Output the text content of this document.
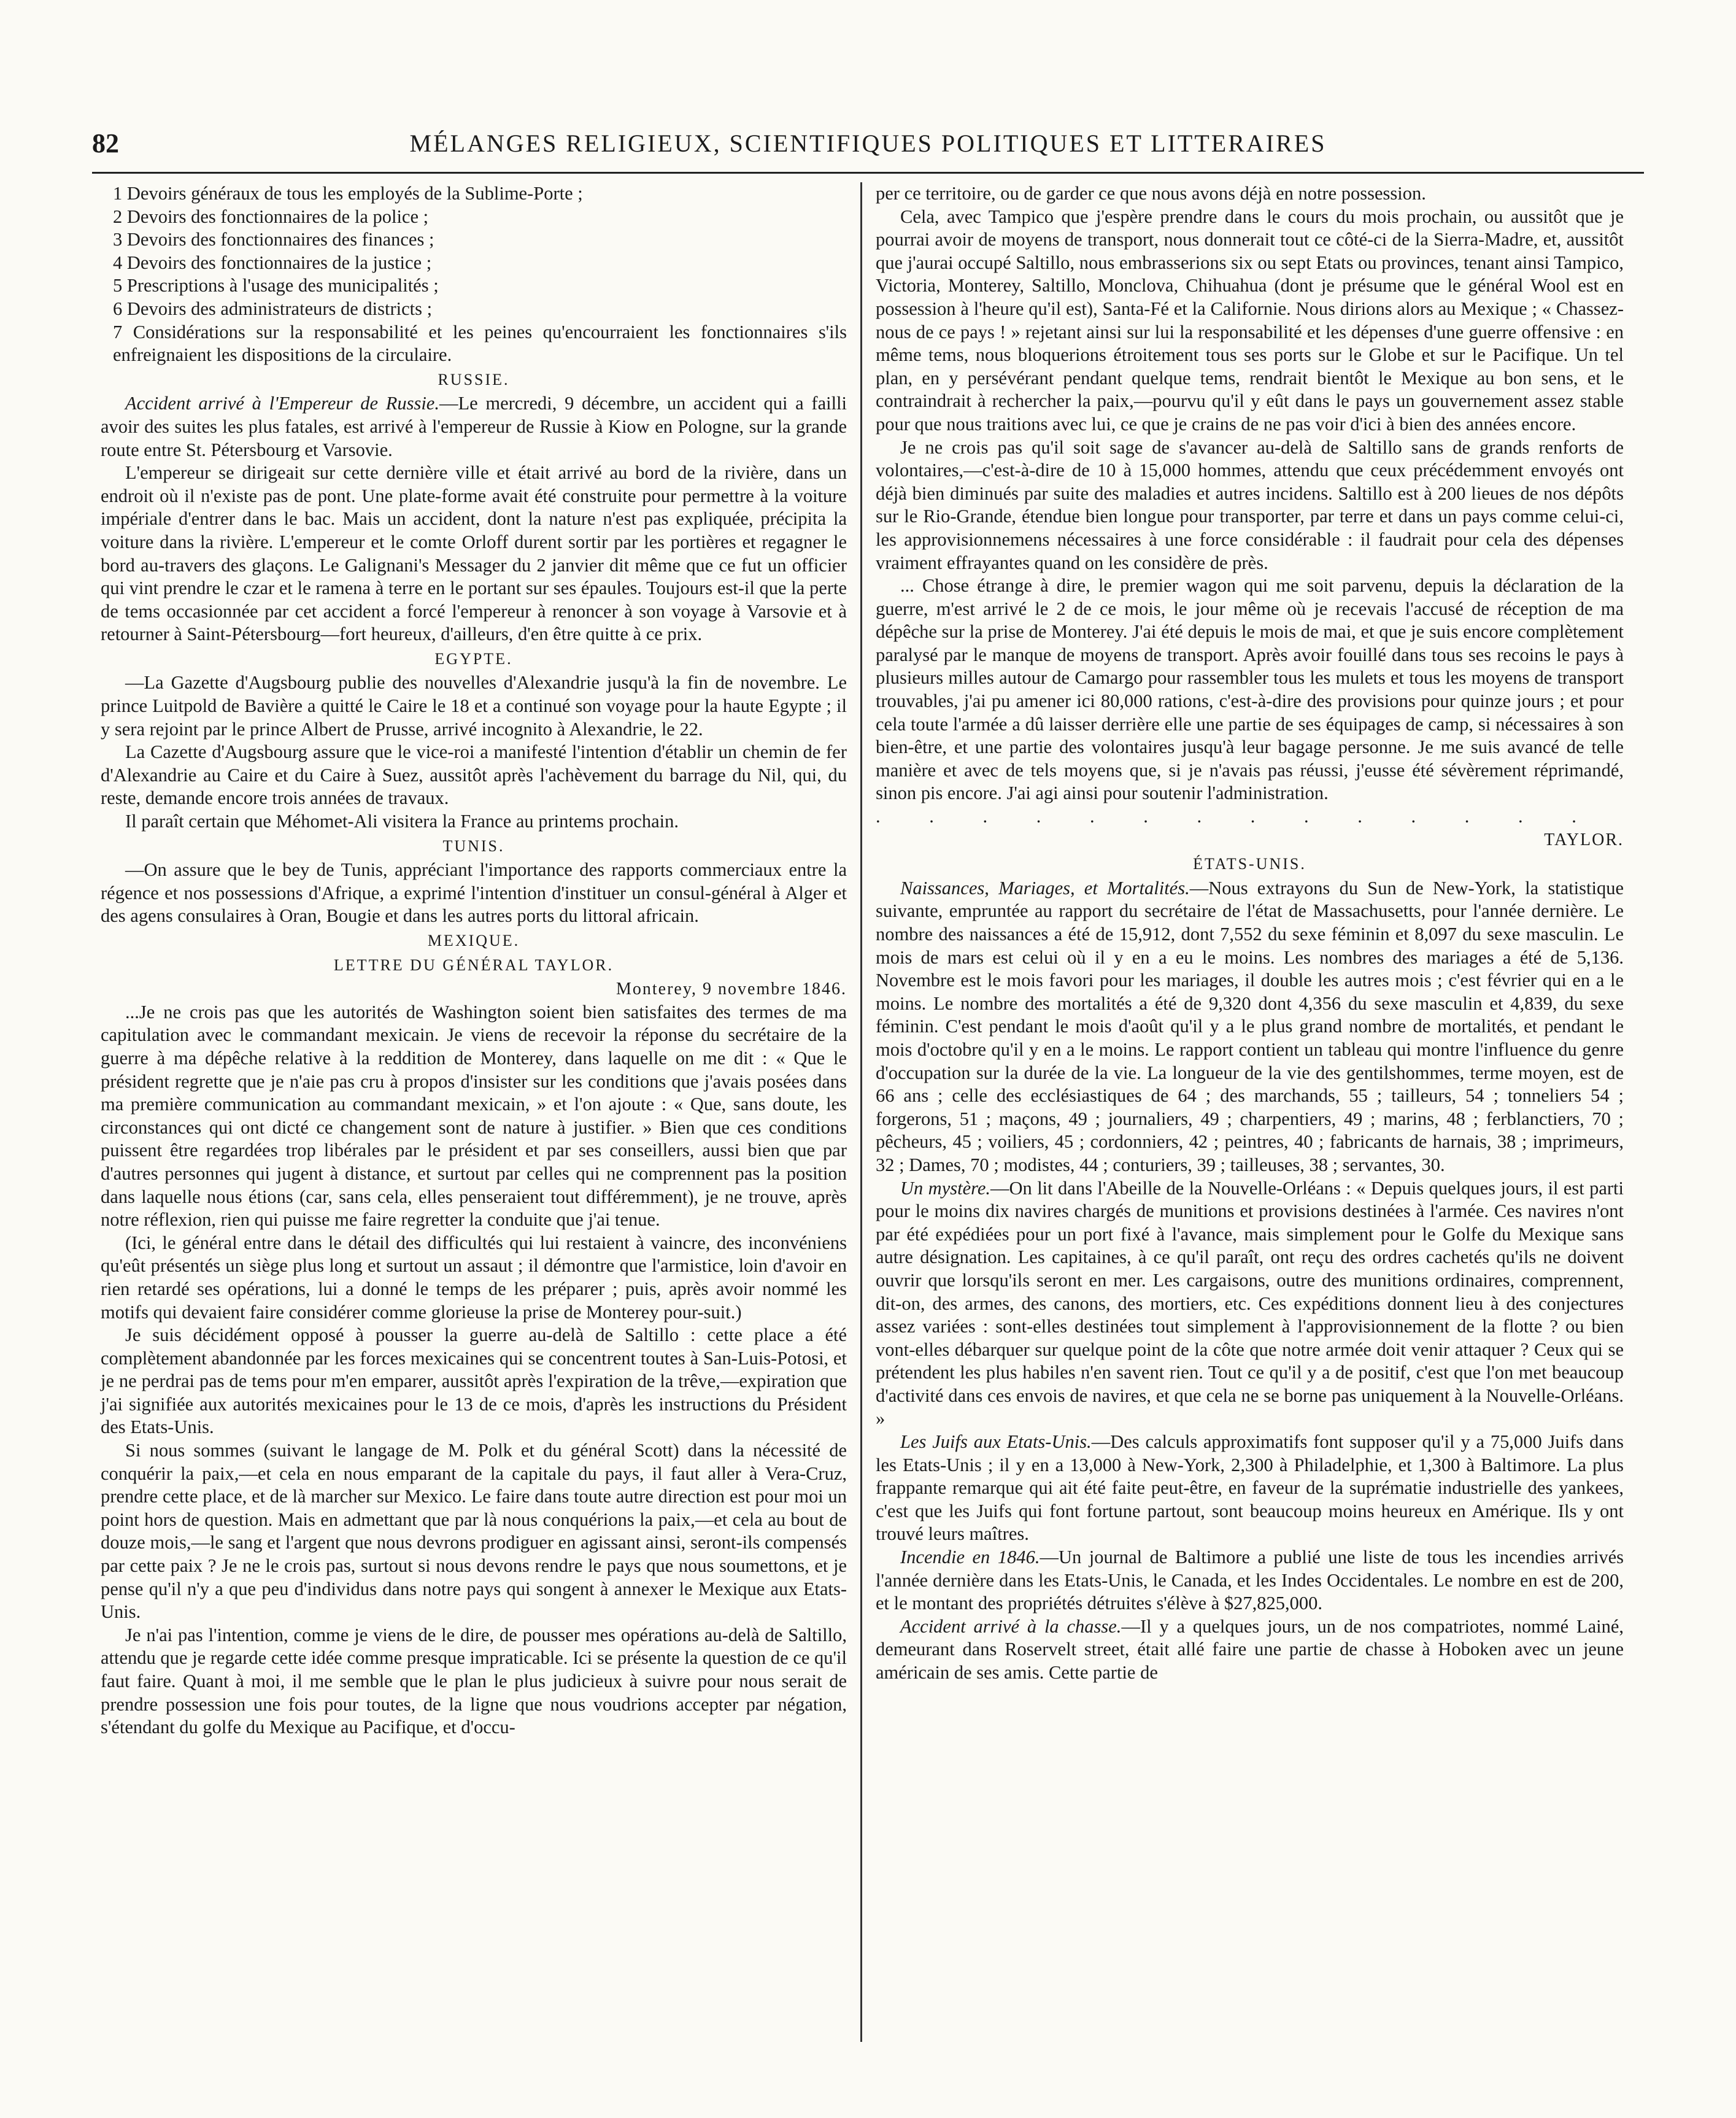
82	MÉLANGES RELIGIEUX, SCIENTIFIQUES POLITIQUES ET LITTERAIRES

1 Devoirs généraux de tous les employés de la Sublime-Porte ;

2 Devoirs des fonctionnaires de la police ;

3 Devoirs des fonctionnaires des finances ;

4 Devoirs des fonctionnaires de la justice ;

5 Prescriptions à l'usage des municipalités ;

6 Devoirs des administrateurs de districts ;

7 Considérations sur la responsabilité et les peines qu'encourraient les fonctionnaires s'ils enfreignaient les dispositions de la circulaire.

RUSSIE.

Accident arrivé à l'Empereur de Russie.—Le mercredi, 9 décembre, un accident qui a failli avoir des suites les plus fatales, est arrivé à l'empereur de Russie à Kiow en Pologne, sur la grande route entre St. Pétersbourg et Varsovie.

L'empereur se dirigeait sur cette dernière ville et était arrivé au bord de la rivière, dans un endroit où il n'existe pas de pont. Une plate-forme avait été construite pour permettre à la voiture impériale d'entrer dans le bac. Mais un accident, dont la nature n'est pas expliquée, précipita la voiture dans la rivière. L'empereur et le comte Orloff durent sortir par les portières et regagner le bord au-travers des glaçons. Le Galignani's Messager du 2 janvier dit même que ce fut un officier qui vint prendre le czar et le ramena à terre en le portant sur ses épaules. Toujours est-il que la perte de tems occasionnée par cet accident a forcé l'empereur à renoncer à son voyage à Varsovie et à retourner à Saint-Pétersbourg—fort heureux, d'ailleurs, d'en être quitte à ce prix.

EGYPTE.

—La Gazette d'Augsbourg publie des nouvelles d'Alexandrie jusqu'à la fin de novembre. Le prince Luitpold de Bavière a quitté le Caire le 18 et a continué son voyage pour la haute Egypte ; il y sera rejoint par le prince Albert de Prusse, arrivé incognito à Alexandrie, le 22.

La Cazette d'Augsbourg assure que le vice-roi a manifesté l'intention d'établir un chemin de fer d'Alexandrie au Caire et du Caire à Suez, aussitôt après l'achèvement du barrage du Nil, qui, du reste, demande encore trois années de travaux.

Il paraît certain que Méhomet-Ali visitera la France au printems prochain.

TUNIS.

—On assure que le bey de Tunis, appréciant l'importance des rapports commerciaux entre la régence et nos possessions d'Afrique, a exprimé l'intention d'instituer un consul-général à Alger et des agens consulaires à Oran, Bougie et dans les autres ports du littoral africain.

MEXIQUE.
LETTRE DU GÉNÉRAL TAYLOR.

Monterey, 9 novembre 1846.

...Je ne crois pas que les autorités de Washington soient bien satisfaites des termes de ma capitulation avec le commandant mexicain. Je viens de recevoir la réponse du secrétaire de la guerre à ma dépêche relative à la reddition de Monterey, dans laquelle on me dit : « Que le président regrette que je n'aie pas cru à propos d'insister sur les conditions que j'avais posées dans ma première communication au commandant mexicain, » et l'on ajoute : « Que, sans doute, les circonstances qui ont dicté ce changement sont de nature à justifier. » Bien que ces conditions puissent être regardées trop libérales par le président et par ses conseillers, aussi bien que par d'autres personnes qui jugent à distance, et surtout par celles qui ne comprennent pas la position dans laquelle nous étions (car, sans cela, elles penseraient tout différemment), je ne trouve, après notre réflexion, rien qui puisse me faire regretter la conduite que j'ai tenue.

(Ici, le général entre dans le détail des difficultés qui lui restaient à vaincre, des inconvéniens qu'eût présentés un siège plus long et surtout un assaut ; il démontre que l'armistice, loin d'avoir en rien retardé ses opérations, lui a donné le temps de les préparer ; puis, après avoir nommé les motifs qui devaient faire considérer comme glorieuse la prise de Monterey pour-suit.)

Je suis décidément opposé à pousser la guerre au-delà de Saltillo : cette place a été complètement abandonnée par les forces mexicaines qui se concentrent toutes à San-Luis-Potosi, et je ne perdrai pas de tems pour m'en emparer, aussitôt après l'expiration de la trêve,—expiration que j'ai signifiée aux autorités mexicaines pour le 13 de ce mois, d'après les instructions du Président des Etats-Unis.

Si nous sommes (suivant le langage de M. Polk et du général Scott) dans la nécessité de conquérir la paix,—et cela en nous emparant de la capitale du pays, il faut aller à Vera-Cruz, prendre cette place, et de là marcher sur Mexico. Le faire dans toute autre direction est pour moi un point hors de question. Mais en admettant que par là nous conquérions la paix,—et cela au bout de douze mois,—le sang et l'argent que nous devrons prodiguer en agissant ainsi, seront-ils compensés par cette paix ? Je ne le crois pas, surtout si nous devons rendre le pays que nous soumettons, et je pense qu'il n'y a que peu d'individus dans notre pays qui songent à annexer le Mexique aux Etats-Unis.

Je n'ai pas l'intention, comme je viens de le dire, de pousser mes opérations au-delà de Saltillo, attendu que je regarde cette idée comme presque impraticable. Ici se présente la question de ce qu'il faut faire. Quant à moi, il me semble que le plan le plus judicieux à suivre pour nous serait de prendre possession une fois pour toutes, de la ligne que nous voudrions accepter par négation, s'étendant du golfe du Mexique au Pacifique, et d'occu-

per ce territoire, ou de garder ce que nous avons déjà en notre possession.

Cela, avec Tampico que j'espère prendre dans le cours du mois prochain, ou aussitôt que je pourrai avoir de moyens de transport, nous donnerait tout ce côté-ci de la Sierra-Madre, et, aussitôt que j'aurai occupé Saltillo, nous embrasserions six ou sept Etats ou provinces, tenant ainsi Tampico, Victoria, Monterey, Saltillo, Monclova, Chihuahua (dont je présume que le général Wool est en possession à l'heure qu'il est), Santa-Fé et la Californie. Nous dirions alors au Mexique ; « Chassez-nous de ce pays ! » rejetant ainsi sur lui la responsabilité et les dépenses d'une guerre offensive : en même tems, nous bloquerions étroitement tous ses ports sur le Globe et sur le Pacifique. Un tel plan, en y persévérant pendant quelque tems, rendrait bientôt le Mexique au bon sens, et le contraindrait à rechercher la paix,—pourvu qu'il y eût dans le pays un gouvernement assez stable pour que nous traitions avec lui, ce que je crains de ne pas voir d'ici à bien des années encore.

Je ne crois pas qu'il soit sage de s'avancer au-delà de Saltillo sans de grands renforts de volontaires,—c'est-à-dire de 10 à 15,000 hommes, attendu que ceux précédemment envoyés ont déjà bien diminués par suite des maladies et autres incidens. Saltillo est à 200 lieues de nos dépôts sur le Rio-Grande, étendue bien longue pour transporter, par terre et dans un pays comme celui-ci, les approvisionnemens nécessaires à une force considérable : il faudrait pour cela des dépenses vraiment effrayantes quand on les considère de près.

... Chose étrange à dire, le premier wagon qui me soit parvenu, depuis la déclaration de la guerre, m'est arrivé le 2 de ce mois, le jour même où je recevais l'accusé de réception de ma dépêche sur la prise de Monterey. J'ai été depuis le mois de mai, et que je suis encore complètement paralysé par le manque de moyens de transport. Après avoir fouillé dans tous ses recoins le pays à plusieurs milles autour de Camargo pour rassembler tous les mulets et tous les moyens de transport trouvables, j'ai pu amener ici 80,000 rations, c'est-à-dire des provisions pour quinze jours ; et pour cela toute l'armée a dû laisser derrière elle une partie de ses équipages de camp, si nécessaires à son bien-être, et une partie des volontaires jusqu'à leur bagage personne. Je me suis avancé de telle manière et avec de tels moyens que, si je n'avais pas réussi, j'eusse été sévèrement réprimandé, sinon pis encore. J'ai agi ainsi pour soutenir l'administration.

. . . . . . . . . . . . . .

TAYLOR.

ÉTATS-UNIS.

Naissances, Mariages, et Mortalités.—Nous extrayons du Sun de New-York, la statistique suivante, empruntée au rapport du secrétaire de l'état de Massachusetts, pour l'année dernière. Le nombre des naissances a été de 15,912, dont 7,552 du sexe féminin et 8,097 du sexe masculin. Le mois de mars est celui où il y en a eu le moins. Les nombres des mariages a été de 5,136. Novembre est le mois favori pour les mariages, il double les autres mois ; c'est février qui en a le moins. Le nombre des mortalités a été de 9,320 dont 4,356 du sexe masculin et 4,839, du sexe féminin. C'est pendant le mois d'août qu'il y a le plus grand nombre de mortalités, et pendant le mois d'octobre qu'il y en a le moins. Le rapport contient un tableau qui montre l'influence du genre d'occupation sur la durée de la vie. La longueur de la vie des gentilshommes, terme moyen, est de 66 ans ; celle des ecclésiastiques de 64 ; des marchands, 55 ; tailleurs, 54 ; tonneliers 54 ; forgerons, 51 ; maçons, 49 ; journaliers, 49 ; charpentiers, 49 ; marins, 48 ; ferblanctiers, 70 ; pêcheurs, 45 ; voiliers, 45 ; cordonniers, 42 ; peintres, 40 ; fabricants de harnais, 38 ; imprimeurs, 32 ; Dames, 70 ; modistes, 44 ; conturiers, 39 ; tailleuses, 38 ; servantes, 30.

Un mystère.—On lit dans l'Abeille de la Nouvelle-Orléans : « Depuis quelques jours, il est parti pour le moins dix navires chargés de munitions et provisions destinées à l'armée. Ces navires n'ont par été expédiées pour un port fixé à l'avance, mais simplement pour le Golfe du Mexique sans autre désignation. Les capitaines, à ce qu'il paraît, ont reçu des ordres cachetés qu'ils ne doivent ouvrir que lorsqu'ils seront en mer. Les cargaisons, outre des munitions ordinaires, comprennent, dit-on, des armes, des canons, des mortiers, etc. Ces expéditions donnent lieu à des conjectures assez variées : sont-elles destinées tout simplement à l'approvisionnement de la flotte ? ou bien vont-elles débarquer sur quelque point de la côte que notre armée doit venir attaquer ? Ceux qui se prétendent les plus habiles n'en savent rien. Tout ce qu'il y a de positif, c'est que l'on met beaucoup d'activité dans ces envois de navires, et que cela ne se borne pas uniquement à la Nouvelle-Orléans. »

Les Juifs aux Etats-Unis.—Des calculs approximatifs font supposer qu'il y a 75,000 Juifs dans les Etats-Unis ; il y en a 13,000 à New-York, 2,300 à Philadelphie, et 1,300 à Baltimore. La plus frappante remarque qui ait été faite peut-être, en faveur de la suprématie industrielle des yankees, c'est que les Juifs qui font fortune partout, sont beaucoup moins heureux en Amérique. Ils y ont trouvé leurs maîtres.

Incendie en 1846.—Un journal de Baltimore a publié une liste de tous les incendies arrivés l'année dernière dans les Etats-Unis, le Canada, et les Indes Occidentales. Le nombre en est de 200, et le montant des propriétés détruites s'élève à $27,825,000.

Accident arrivé à la chasse.—Il y a quelques jours, un de nos compatriotes, nommé Lainé, demeurant dans Roservelt street, était allé faire une partie de chasse à Hoboken avec un jeune américain de ses amis. Cette partie de
